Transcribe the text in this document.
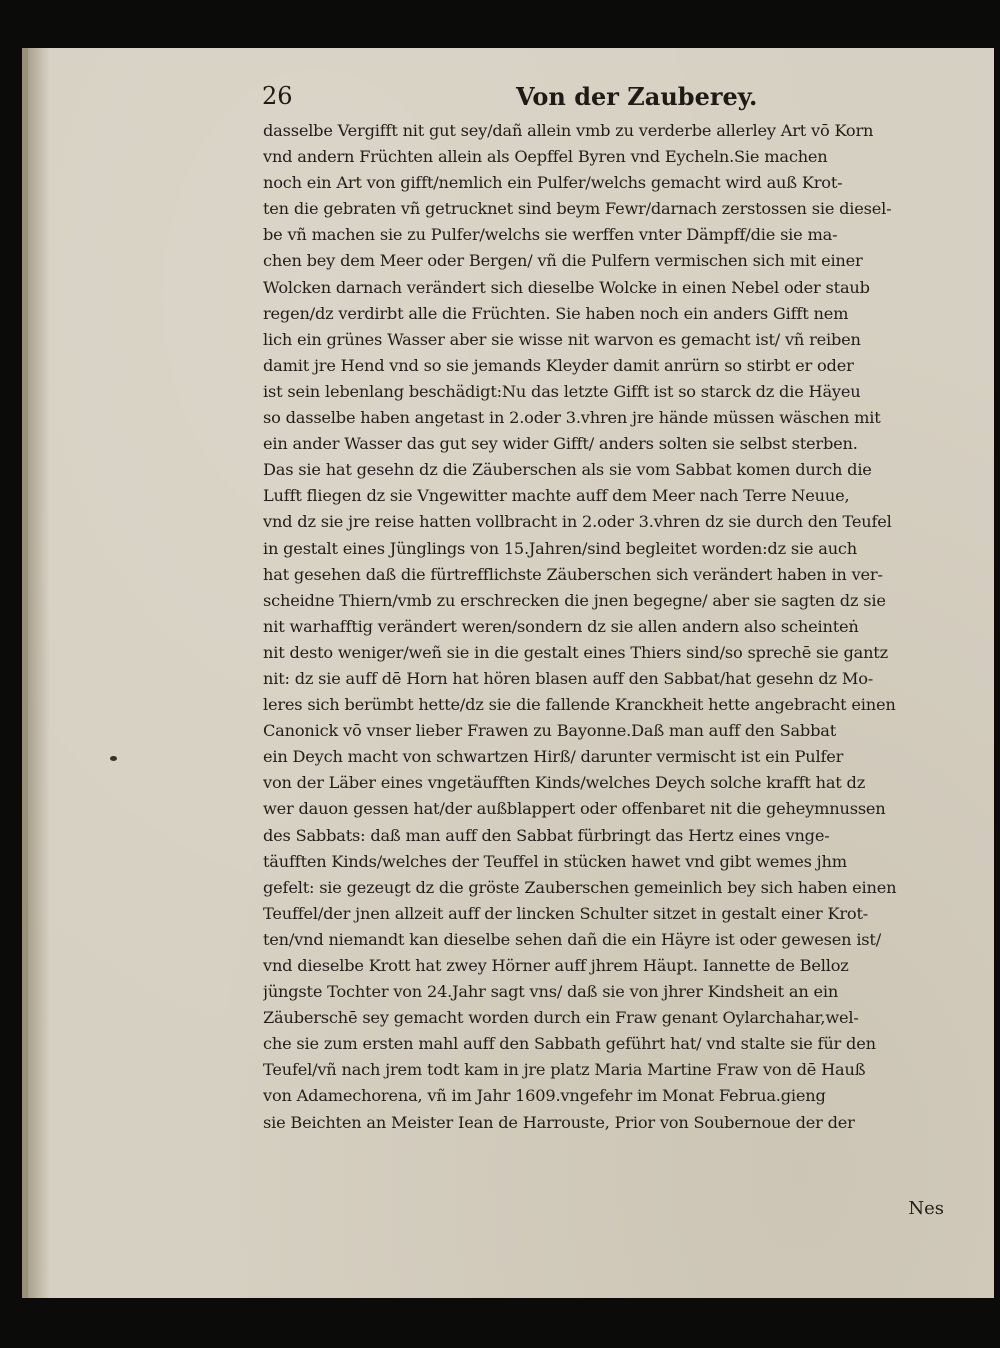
26	Von der Zauberey.
dasselbe Vergifft nit gut sey/dañ allein vmb zu verderbe allerley Art vō Korn
vnd andern Früchten allein als Oepffel Byren vnd Eycheln.Sie machen
noch ein Art von gifft/nemlich ein Pulfer/welchs gemacht wird auß Krot-
ten die gebraten vñ getrucknet sind beym Fewr/darnach zerstossen sie diesel-
be vñ machen sie zu Pulfer/welchs sie werffen vnter Dämpff/die sie ma-
chen bey dem Meer oder Bergen/ vñ die Pulfern vermischen sich mit einer
Wolcken darnach verändert sich dieselbe Wolcke in einen Nebel oder staub
regen/dz verdirbt alle die Früchten. Sie haben noch ein anders Gifft nem
lich ein grünes Wasser aber sie wisse nit warvon es gemacht ist/ vñ reiben
damit jre Hend vnd so sie jemands Kleyder damit anrürn so stirbt er oder
ist sein lebenlang beschädigt:Nu das letzte Gifft ist so starck dz die Häyeu
so dasselbe haben angetast in 2.oder 3.vhren jre hände müssen wäschen mit
ein ander Wasser das gut sey wider Gifft/ anders solten sie selbst sterben.
Das sie hat gesehn dz die Zäuberschen als sie vom Sabbat komen durch die
Lufft fliegen dz sie Vngewitter machte auff dem Meer nach Terre Neuue,
vnd dz sie jre reise hatten vollbracht in 2.oder 3.vhren dz sie durch den Teufel
in gestalt eines Jünglings von 15.Jahren/sind begleitet worden:dz sie auch
hat gesehen daß die fürtrefflichste Zäuberschen sich verändert haben in ver-
scheidne Thiern/vmb zu erschrecken die jnen begegne/ aber sie sagten dz sie
nit warhafftig verändert weren/sondern dz sie allen andern also scheinteṅ
nit desto weniger/weñ sie in die gestalt eines Thiers sind/so sprechē sie gantz
nit: dz sie auff dē Horn hat hören blasen auff den Sabbat/hat gesehn dz Mo-
leres sich berümbt hette/dz sie die fallende Kranckheit hette angebracht einen
Canonick vō vnser lieber Frawen zu Bayonne.Daß man auff den Sabbat
ein Deych macht von schwartzen Hirß/ darunter vermischt ist ein Pulfer
von der Läber eines vngetäufften Kinds/welches Deych solche krafft hat dz
wer dauon gessen hat/der außblappert oder offenbaret nit die geheymnussen
des Sabbats: daß man auff den Sabbat fürbringt das Hertz eines vnge-
täufften Kinds/welches der Teuffel in stücken hawet vnd gibt wemes jhm
gefelt: sie gezeugt dz die gröste Zauberschen gemeinlich bey sich haben einen
Teuffel/der jnen allzeit auff der lincken Schulter sitzet in gestalt einer Krot-
ten/vnd niemandt kan dieselbe sehen dañ die ein Häyre ist oder gewesen ist/
vnd dieselbe Krott hat zwey Hörner auff jhrem Häupt. Iannette de Belloz
jüngste Tochter von 24.Jahr sagt vns/ daß sie von jhrer Kindsheit an ein
Zäuberschē sey gemacht worden durch ein Fraw genant Oylarchahar,wel-
che sie zum ersten mahl auff den Sabbath geführt hat/ vnd stalte sie für den
Teufel/vñ nach jrem todt kam in jre platz Maria Martine Fraw von dē Hauß
von Adamechorena, vñ im Jahr 1609.vngefehr im Monat Februa.gieng
sie Beichten an Meister Iean de Harrouste, Prior von Soubernoue der der
Nes
